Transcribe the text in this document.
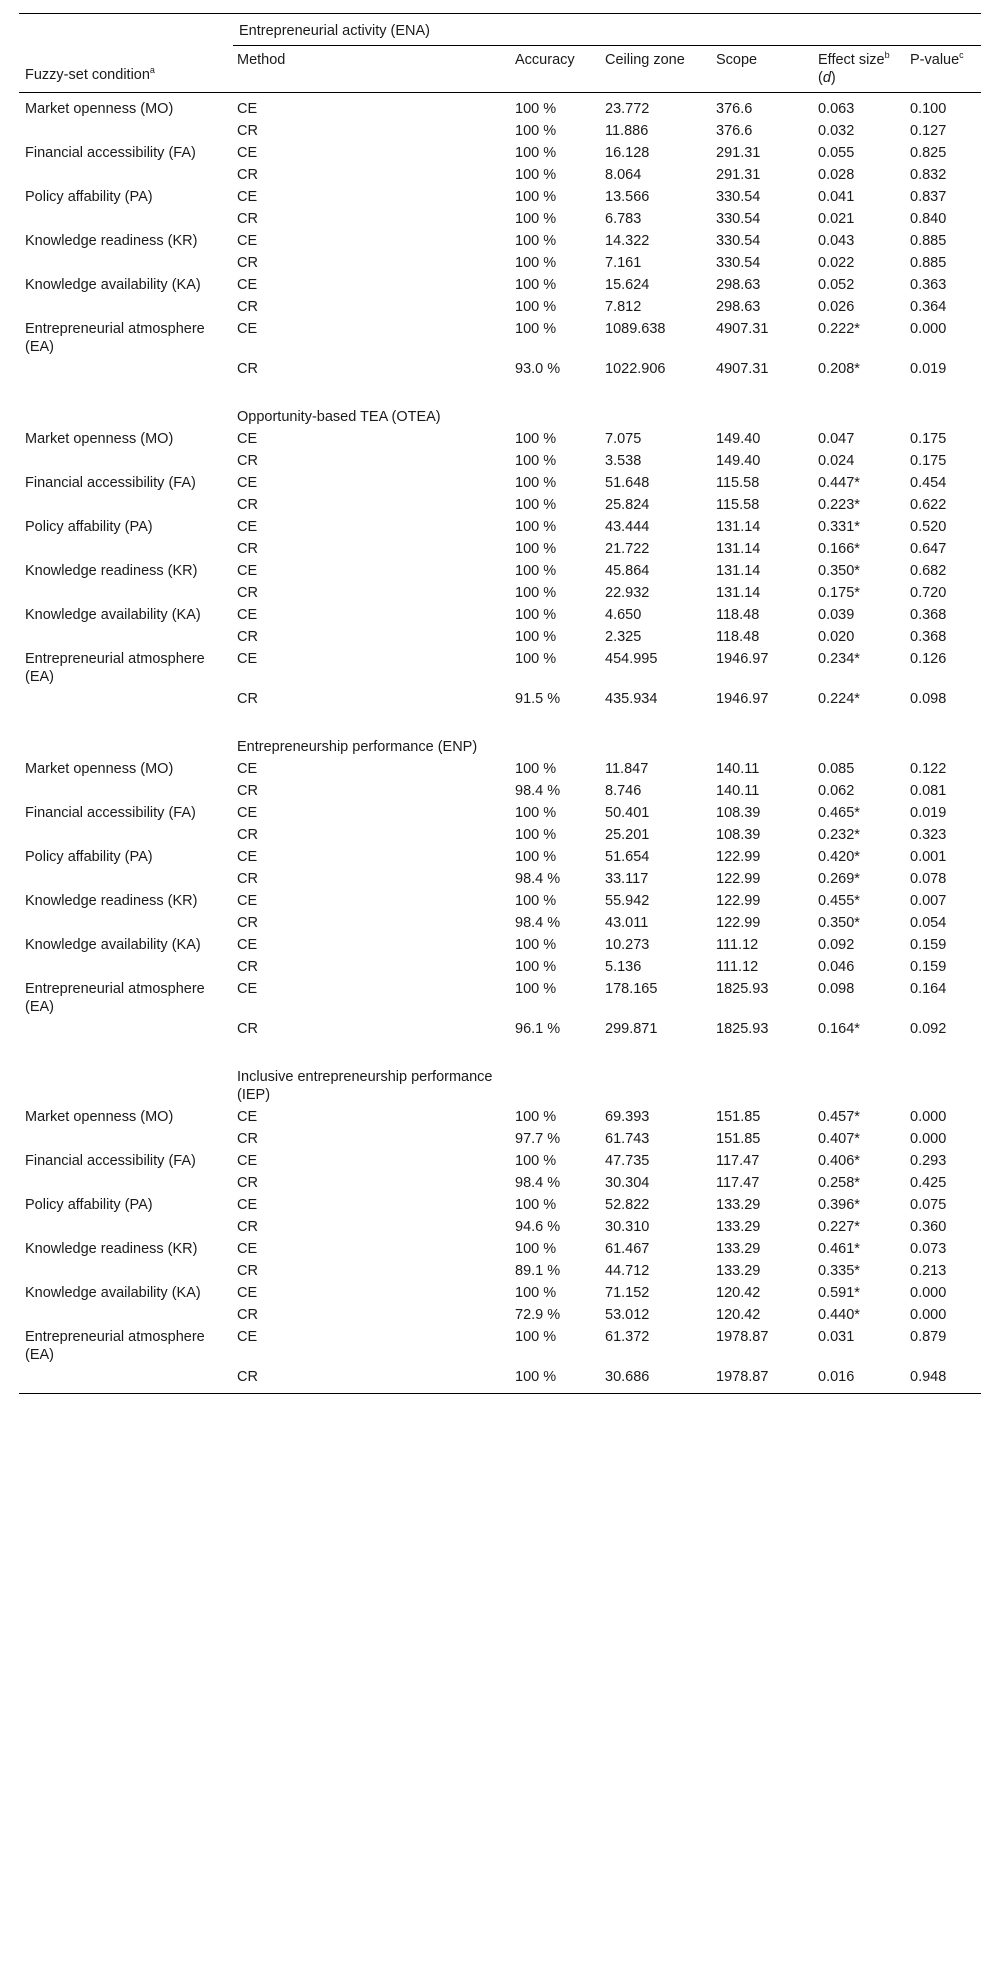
Fuzzy-set condition$^a$	Entrepreneurial activity (ENA)					
	Method	Accuracy	Ceiling zone	Scope	Effect size$^b$ (d)	P-value$^c$
Market openness (MO)	CE	100 %	23.772	376.6	0.063	0.100

	CR	100 %	11.886	376.6	0.032	0.127

Financial accessibility (FA)	CE	100 %	16.128	291.31	0.055	0.825

	CR	100 %	8.064	291.31	0.028	0.832

Policy affability (PA)	CE	100 %	13.566	330.54	0.041	0.837

	CR	100 %	6.783	330.54	0.021	0.840

Knowledge readiness (KR)	CE	100 %	14.322	330.54	0.043	0.885

	CR	100 %	7.161	330.54	0.022	0.885

Knowledge availability (KA)	CE	100 %	15.624	298.63	0.052	0.363

	CR	100 %	7.812	298.63	0.026	0.364

Entrepreneurial atmosphere (EA)	CE	100 %	1089.638	4907.31	0.222*	0.000

	CR	93.0 %	1022.906	4907.31	0.208*	0.019

	Opportunity-based TEA (OTEA)					
Market openness (MO)	CE	100 %	7.075	149.40	0.047	0.175

	CR	100 %	3.538	149.40	0.024	0.175

Financial accessibility (FA)	CE	100 %	51.648	115.58	0.447*	0.454

	CR	100 %	25.824	115.58	0.223*	0.622

Policy affability (PA)	CE	100 %	43.444	131.14	0.331*	0.520

	CR	100 %	21.722	131.14	0.166*	0.647

Knowledge readiness (KR)	CE	100 %	45.864	131.14	0.350*	0.682

	CR	100 %	22.932	131.14	0.175*	0.720

Knowledge availability (KA)	CE	100 %	4.650	118.48	0.039	0.368

	CR	100 %	2.325	118.48	0.020	0.368

Entrepreneurial atmosphere (EA)	CE	100 %	454.995	1946.97	0.234*	0.126

	CR	91.5 %	435.934	1946.97	0.224*	0.098

	Entrepreneurship performance (ENP)					
Market openness (MO)	CE	100 %	11.847	140.11	0.085	0.122

	CR	98.4 %	8.746	140.11	0.062	0.081

Financial accessibility (FA)	CE	100 %	50.401	108.39	0.465*	0.019

	CR	100 %	25.201	108.39	0.232*	0.323

Policy affability (PA)	CE	100 %	51.654	122.99	0.420*	0.001

	CR	98.4 %	33.117	122.99	0.269*	0.078

Knowledge readiness (KR)	CE	100 %	55.942	122.99	0.455*	0.007

	CR	98.4 %	43.011	122.99	0.350*	0.054

Knowledge availability (KA)	CE	100 %	10.273	111.12	0.092	0.159

	CR	100 %	5.136	111.12	0.046	0.159

Entrepreneurial atmosphere (EA)	CE	100 %	178.165	1825.93	0.098	0.164

	CR	96.1 %	299.871	1825.93	0.164*	0.092

	Inclusive entrepreneurship performance (IEP)					
Market openness (MO)	CE	100 %	69.393	151.85	0.457*	0.000

	CR	97.7 %	61.743	151.85	0.407*	0.000

Financial accessibility (FA)	CE	100 %	47.735	117.47	0.406*	0.293

	CR	98.4 %	30.304	117.47	0.258*	0.425

Policy affability (PA)	CE	100 %	52.822	133.29	0.396*	0.075

	CR	94.6 %	30.310	133.29	0.227*	0.360

Knowledge readiness (KR)	CE	100 %	61.467	133.29	0.461*	0.073

	CR	89.1 %	44.712	133.29	0.335*	0.213

Knowledge availability (KA)	CE	100 %	71.152	120.42	0.591*	0.000

	CR	72.9 %	53.012	120.42	0.440*	0.000

Entrepreneurial atmosphere (EA)	CE	100 %	61.372	1978.87	0.031	0.879

	CR	100 %	30.686	1978.87	0.016	0.948
